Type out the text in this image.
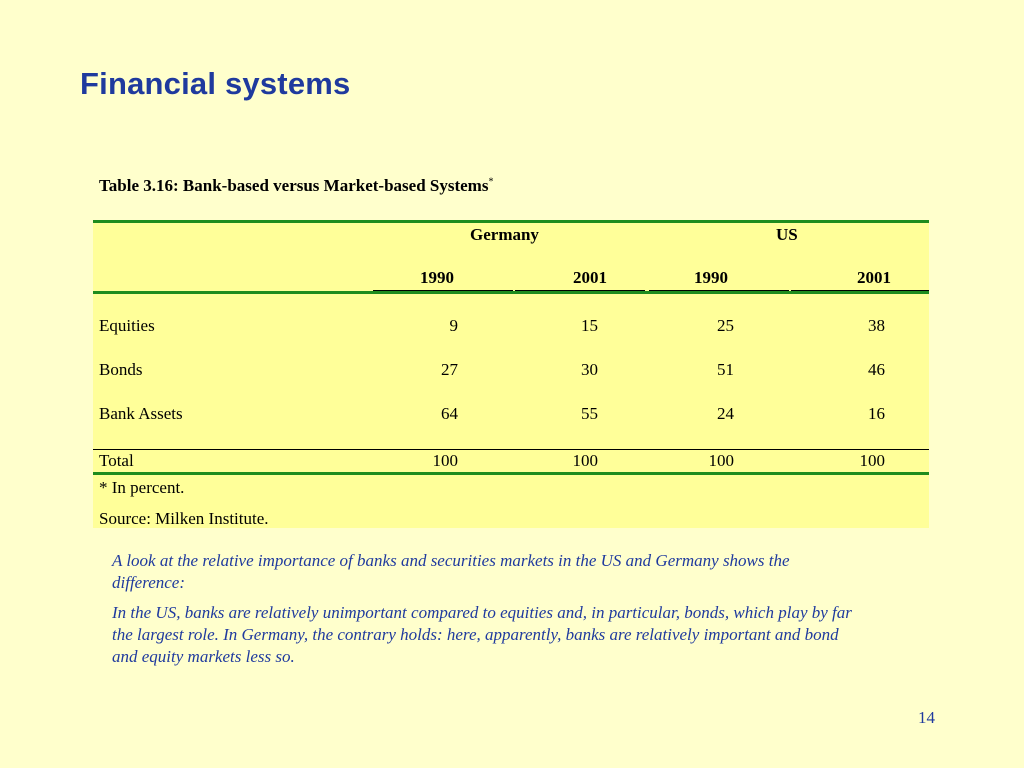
Financial systems
Table 3.16: Bank-based versus Market-based Systems*
Germany	US
1990	2001	1990	2001
Equities	9	15	25	38
Bonds	27	30	51	46
Bank Assets	64	55	24	16
Total	100	100	100	100
* In percent.
Source: Milken Institute.

A look at the relative importance of banks and securities markets in the US and Germany shows the difference:

In the US, banks are relatively unimportant compared to equities and, in particular, bonds, which play by far the largest role. In Germany, the contrary holds: here, apparently, banks are relatively important and bond and equity markets less so.

14
